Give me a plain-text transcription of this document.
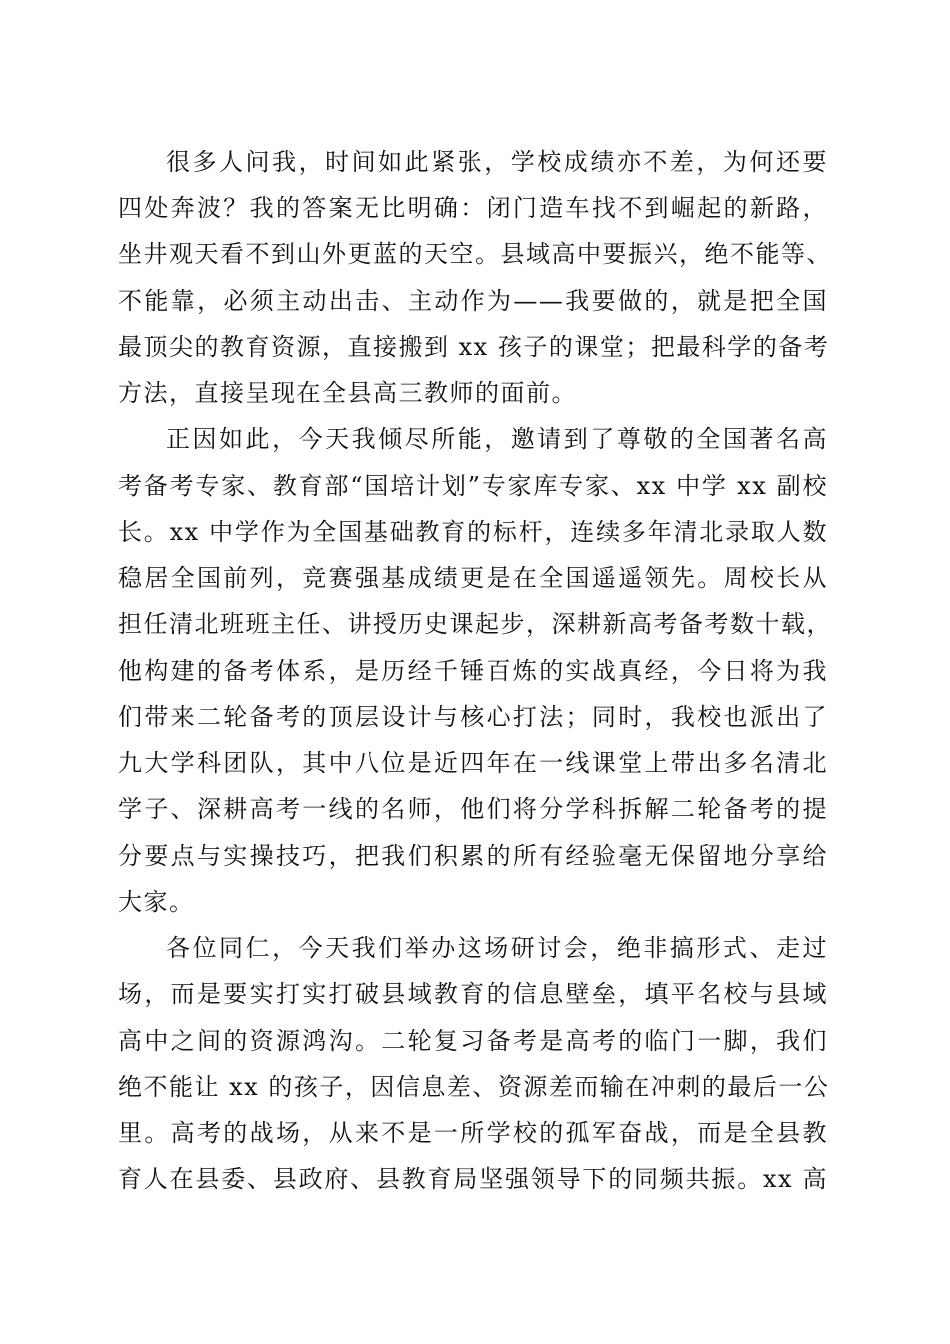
很多人问我，时间如此紧张，学校成绩亦不差，为何还要
四处奔波？我的答案无比明确：闭门造车找不到崛起的新路，
坐井观天看不到山外更蓝的天空。县域高中要振兴，绝不能等、
不能靠，必须主动出击、主动作为——我要做的，就是把全国
最顶尖的教育资源，直接搬到 xx 孩子的课堂；把最科学的备考
方法，直接呈现在全县高三教师的面前。
正因如此，今天我倾尽所能，邀请到了尊敬的全国著名高
考备考专家、教育部“国培计划”专家库专家、xx 中学 xx 副校
长。xx 中学作为全国基础教育的标杆，连续多年清北录取人数
稳居全国前列，竞赛强基成绩更是在全国遥遥领先。周校长从
担任清北班班主任、讲授历史课起步，深耕新高考备考数十载，
他构建的备考体系，是历经千锤百炼的实战真经，今日将为我
们带来二轮备考的顶层设计与核心打法；同时，我校也派出了
九大学科团队，其中八位是近四年在一线课堂上带出多名清北
学子、深耕高考一线的名师，他们将分学科拆解二轮备考的提
分要点与实操技巧，把我们积累的所有经验毫无保留地分享给
大家。
各位同仁，今天我们举办这场研讨会，绝非搞形式、走过
场，而是要实打实打破县域教育的信息壁垒，填平名校与县域
高中之间的资源鸿沟。二轮复习备考是高考的临门一脚，我们
绝不能让 xx 的孩子，因信息差、资源差而输在冲刺的最后一公
里。高考的战场，从来不是一所学校的孤军奋战，而是全县教
育人在县委、县政府、县教育局坚强领导下的同频共振。xx 高
